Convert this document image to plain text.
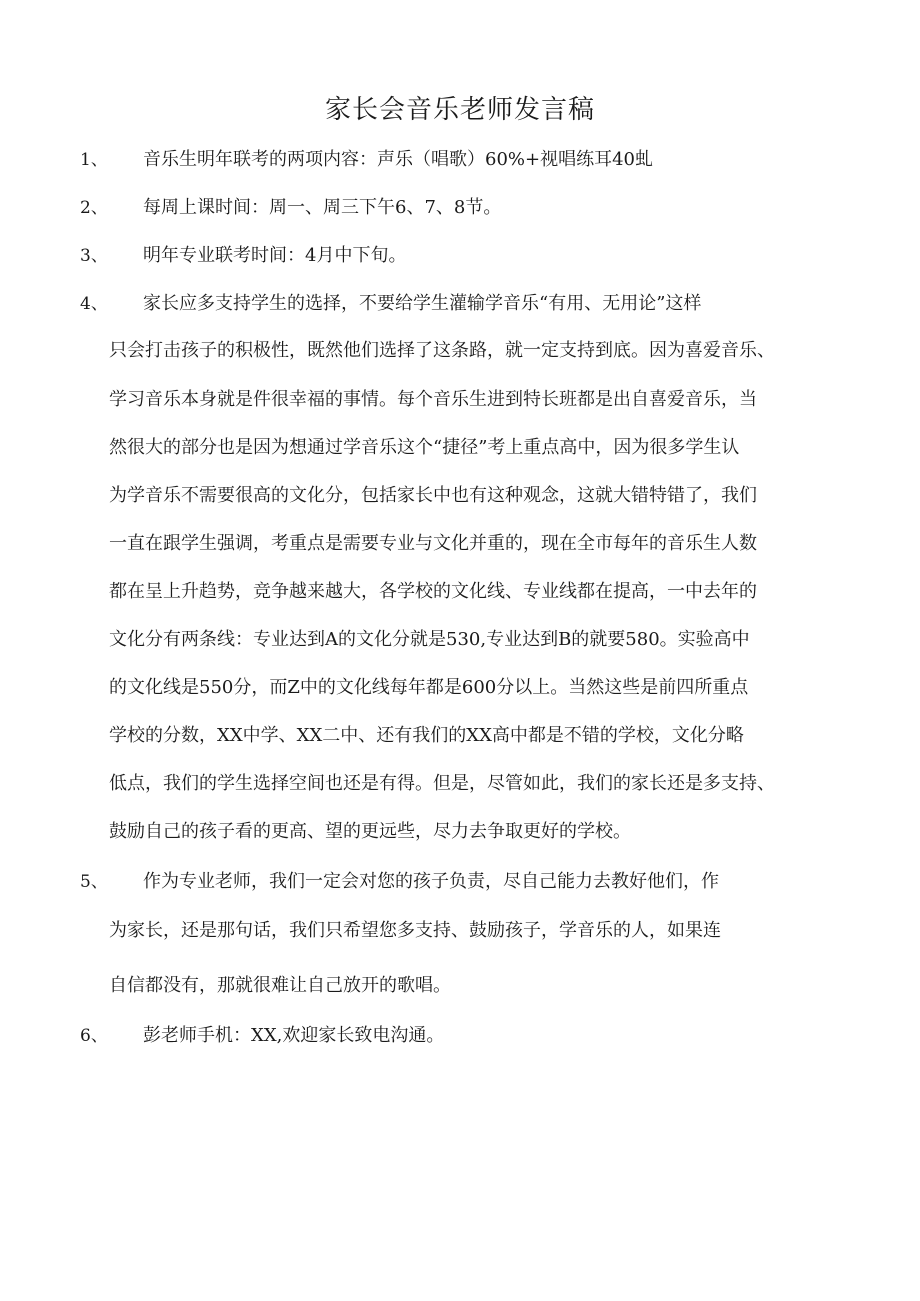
家长会音乐老师发言稿
1、	音乐生明年联考的两项内容：声乐（唱歌）60%+视唱练耳40虬
2、	每周上课时间：周一、周三下午6、7、8节。
3、	明年专业联考时间：4月中下旬。
4、	家长应多支持学生的选择，不要给学生灌输学音乐“有用、无用论”这样
只会打击孩子的积极性，既然他们选择了这条路，就一定支持到底。因为喜爱音乐、
学习音乐本身就是件很幸福的事情。每个音乐生进到特长班都是出自喜爱音乐，当
然很大的部分也是因为想通过学音乐这个“捷径”考上重点高中，因为很多学生认
为学音乐不需要很高的文化分，包括家长中也有这种观念，这就大错特错了，我们
一直在跟学生强调，考重点是需要专业与文化并重的，现在全市每年的音乐生人数
都在呈上升趋势，竞争越来越大，各学校的文化线、专业线都在提高，一中去年的
文化分有两条线：专业达到A的文化分就是530,专业达到B的就要580。实验高中
的文化线是550分，而Z中的文化线每年都是600分以上。当然这些是前四所重点
学校的分数，XX中学、XX二中、还有我们的XX高中都是不错的学校，文化分略
低点，我们的学生选择空间也还是有得。但是，尽管如此，我们的家长还是多支持、
鼓励自己的孩子看的更高、望的更远些，尽力去争取更好的学校。
5、	作为专业老师，我们一定会对您的孩子负责，尽自己能力去教好他们，作
为家长，还是那句话，我们只希望您多支持、鼓励孩子，学音乐的人，如果连
自信都没有，那就很难让自己放开的歌唱。
6、	彭老师手机：XX,欢迎家长致电沟通。
